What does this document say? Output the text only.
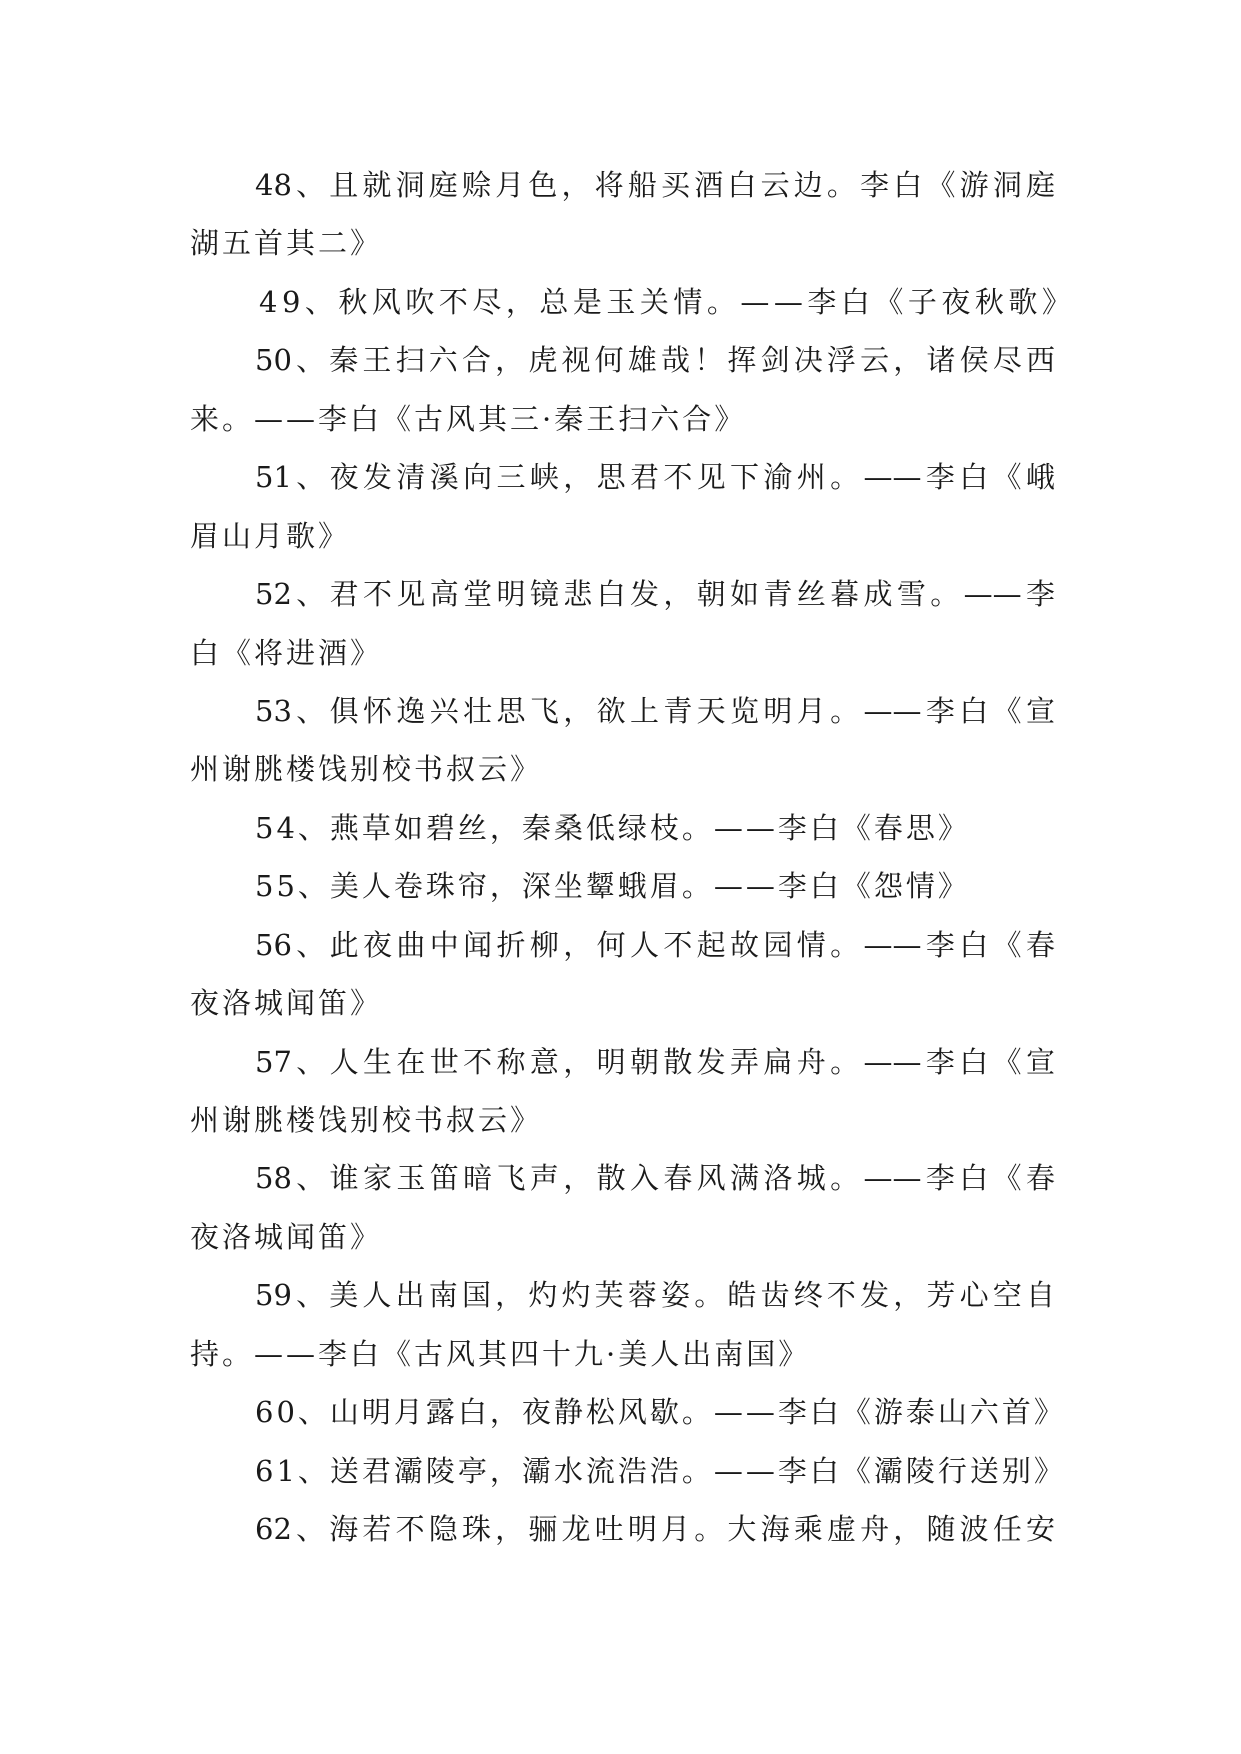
48、且就洞庭赊月色，将船买酒白云边。李白《游洞庭
湖五首其二》
49、秋风吹不尽，总是玉关情。——李白《子夜秋歌》
50、秦王扫六合，虎视何雄哉！挥剑决浮云，诸侯尽西
来。——李白《古风其三·秦王扫六合》
51、夜发清溪向三峡，思君不见下渝州。——李白《峨
眉山月歌》
52、君不见高堂明镜悲白发，朝如青丝暮成雪。——李
白《将进酒》
53、俱怀逸兴壮思飞，欲上青天览明月。——李白《宣
州谢朓楼饯别校书叔云》
54、燕草如碧丝，秦桑低绿枝。——李白《春思》
55、美人卷珠帘，深坐颦蛾眉。——李白《怨情》
56、此夜曲中闻折柳，何人不起故园情。——李白《春
夜洛城闻笛》
57、人生在世不称意，明朝散发弄扁舟。——李白《宣
州谢朓楼饯别校书叔云》
58、谁家玉笛暗飞声，散入春风满洛城。——李白《春
夜洛城闻笛》
59、美人出南国，灼灼芙蓉姿。皓齿终不发，芳心空自
持。——李白《古风其四十九·美人出南国》
60、山明月露白，夜静松风歇。——李白《游泰山六首》
61、送君灞陵亭，灞水流浩浩。——李白《灞陵行送别》
62、海若不隐珠，骊龙吐明月。大海乘虚舟，随波任安
